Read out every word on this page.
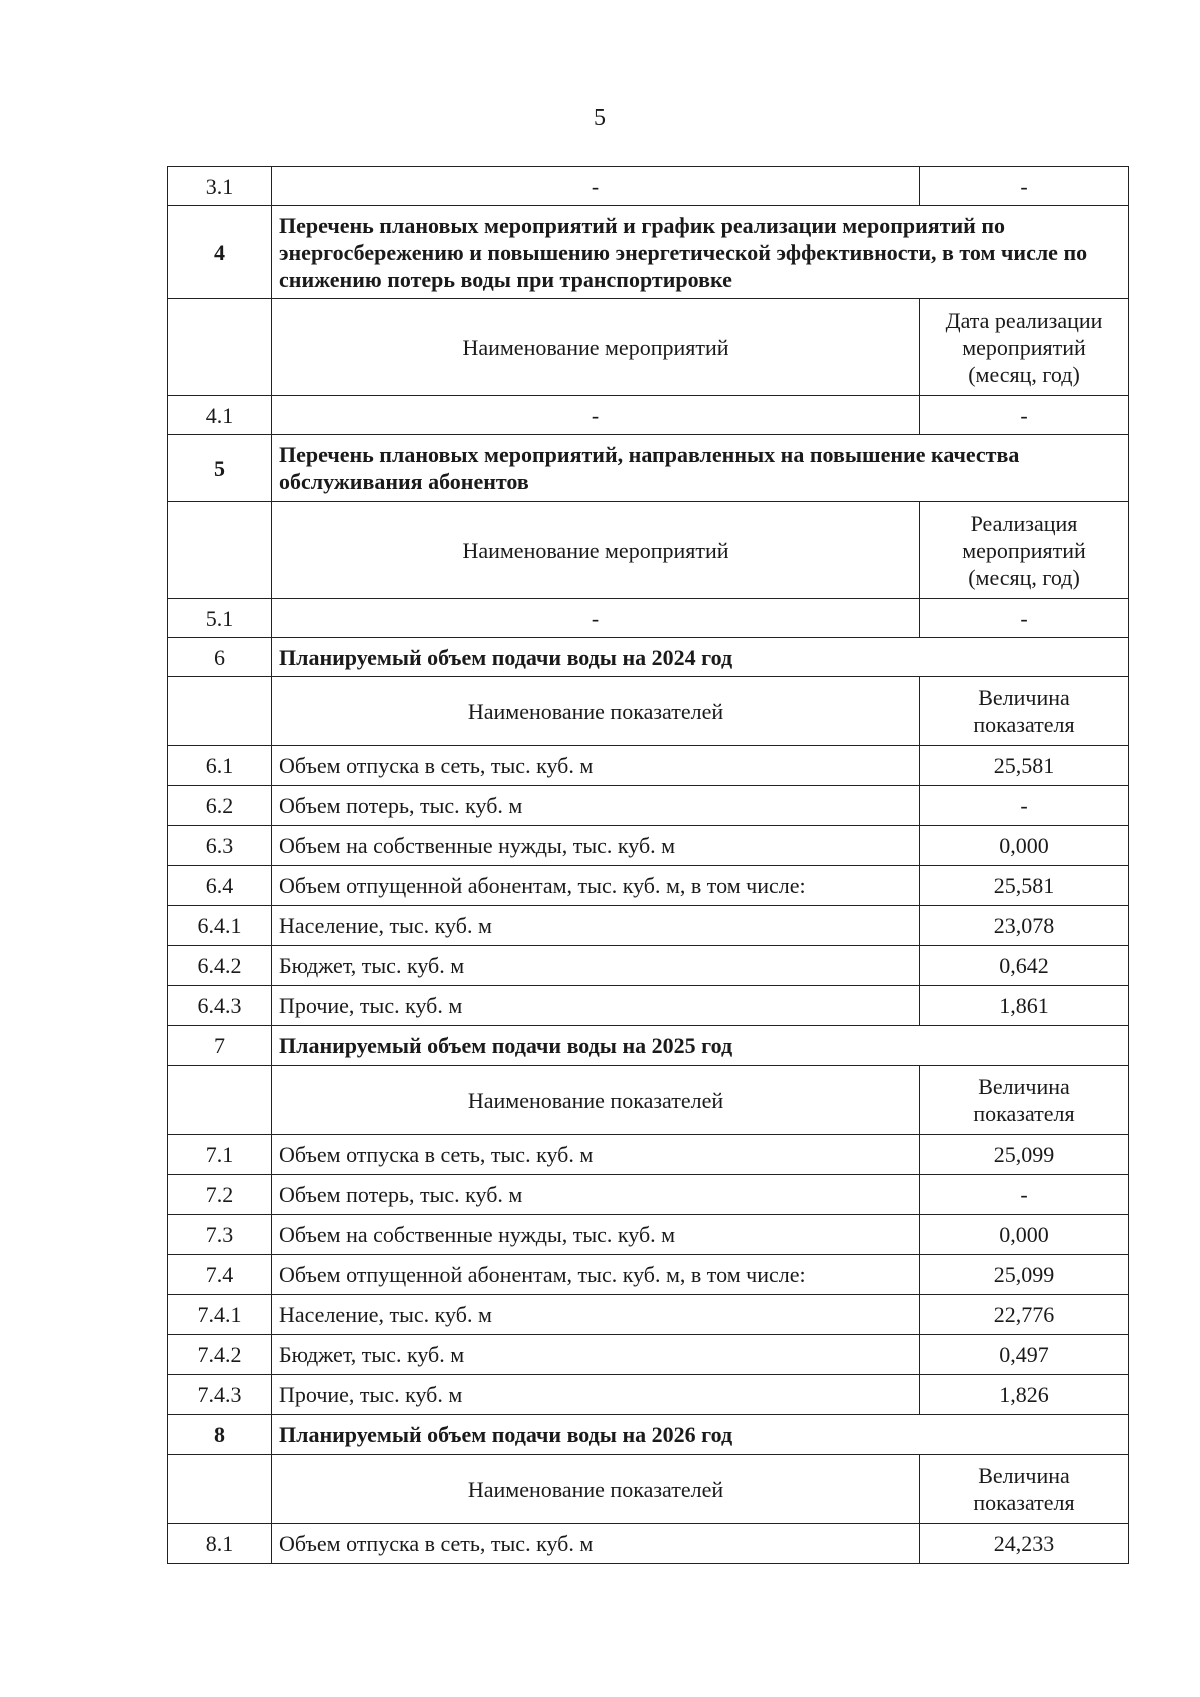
5
3.1	-	-
4	Перечень плановых мероприятий и график реализации мероприятий по энергосбережению и повышению энергетической эффективности, в том числе по снижению потерь воды при транспортировке	
	Наименование мероприятий	Дата реализации мероприятий (месяц, год)
4.1	-	-
5	Перечень плановых мероприятий, направленных на повышение качества обслуживания абонентов	
	Наименование мероприятий	Реализация мероприятий (месяц, год)
5.1	-	-
6	Планируемый объем подачи воды на 2024 год	
	Наименование показателей	Величина показателя
6.1	Объем отпуска в сеть, тыс. куб. м	25,581
6.2	Объем потерь, тыс. куб. м	-
6.3	Объем на собственные нужды, тыс. куб. м	0,000
6.4	Объем отпущенной абонентам, тыс. куб. м, в том числе:	25,581
6.4.1	Население, тыс. куб. м	23,078
6.4.2	Бюджет, тыс. куб. м	0,642
6.4.3	Прочие, тыс. куб. м	1,861
7	Планируемый объем подачи воды на 2025 год	
	Наименование показателей	Величина показателя
7.1	Объем отпуска в сеть, тыс. куб. м	25,099
7.2	Объем потерь, тыс. куб. м	-
7.3	Объем на собственные нужды, тыс. куб. м	0,000
7.4	Объем отпущенной абонентам, тыс. куб. м, в том числе:	25,099
7.4.1	Население, тыс. куб. м	22,776
7.4.2	Бюджет, тыс. куб. м	0,497
7.4.3	Прочие, тыс. куб. м	1,826
8	Планируемый объем подачи воды на 2026 год	
	Наименование показателей	Величина показателя
8.1	Объем отпуска в сеть, тыс. куб. м	24,233
